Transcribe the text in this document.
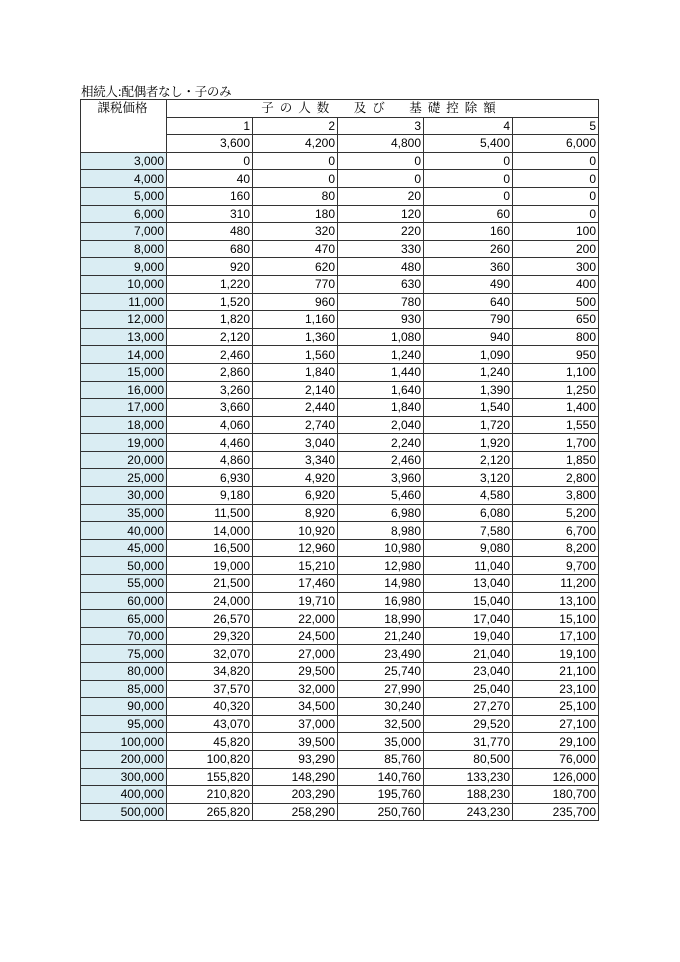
相続人:配偶者なし・子のみ
課税価格	子の人数　及び　基礎控除額				
	1	2	3	4	5
	3,600	4,200	4,800	5,400	6,000
3,000	0	0	0	0	0
4,000	40	0	0	0	0
5,000	160	80	20	0	0
6,000	310	180	120	60	0
7,000	480	320	220	160	100
8,000	680	470	330	260	200
9,000	920	620	480	360	300
10,000	1,220	770	630	490	400
11,000	1,520	960	780	640	500
12,000	1,820	1,160	930	790	650
13,000	2,120	1,360	1,080	940	800
14,000	2,460	1,560	1,240	1,090	950
15,000	2,860	1,840	1,440	1,240	1,100
16,000	3,260	2,140	1,640	1,390	1,250
17,000	3,660	2,440	1,840	1,540	1,400
18,000	4,060	2,740	2,040	1,720	1,550
19,000	4,460	3,040	2,240	1,920	1,700
20,000	4,860	3,340	2,460	2,120	1,850
25,000	6,930	4,920	3,960	3,120	2,800
30,000	9,180	6,920	5,460	4,580	3,800
35,000	11,500	8,920	6,980	6,080	5,200
40,000	14,000	10,920	8,980	7,580	6,700
45,000	16,500	12,960	10,980	9,080	8,200
50,000	19,000	15,210	12,980	11,040	9,700
55,000	21,500	17,460	14,980	13,040	11,200
60,000	24,000	19,710	16,980	15,040	13,100
65,000	26,570	22,000	18,990	17,040	15,100
70,000	29,320	24,500	21,240	19,040	17,100
75,000	32,070	27,000	23,490	21,040	19,100
80,000	34,820	29,500	25,740	23,040	21,100
85,000	37,570	32,000	27,990	25,040	23,100
90,000	40,320	34,500	30,240	27,270	25,100
95,000	43,070	37,000	32,500	29,520	27,100
100,000	45,820	39,500	35,000	31,770	29,100
200,000	100,820	93,290	85,760	80,500	76,000
300,000	155,820	148,290	140,760	133,230	126,000
400,000	210,820	203,290	195,760	188,230	180,700
500,000	265,820	258,290	250,760	243,230	235,700
